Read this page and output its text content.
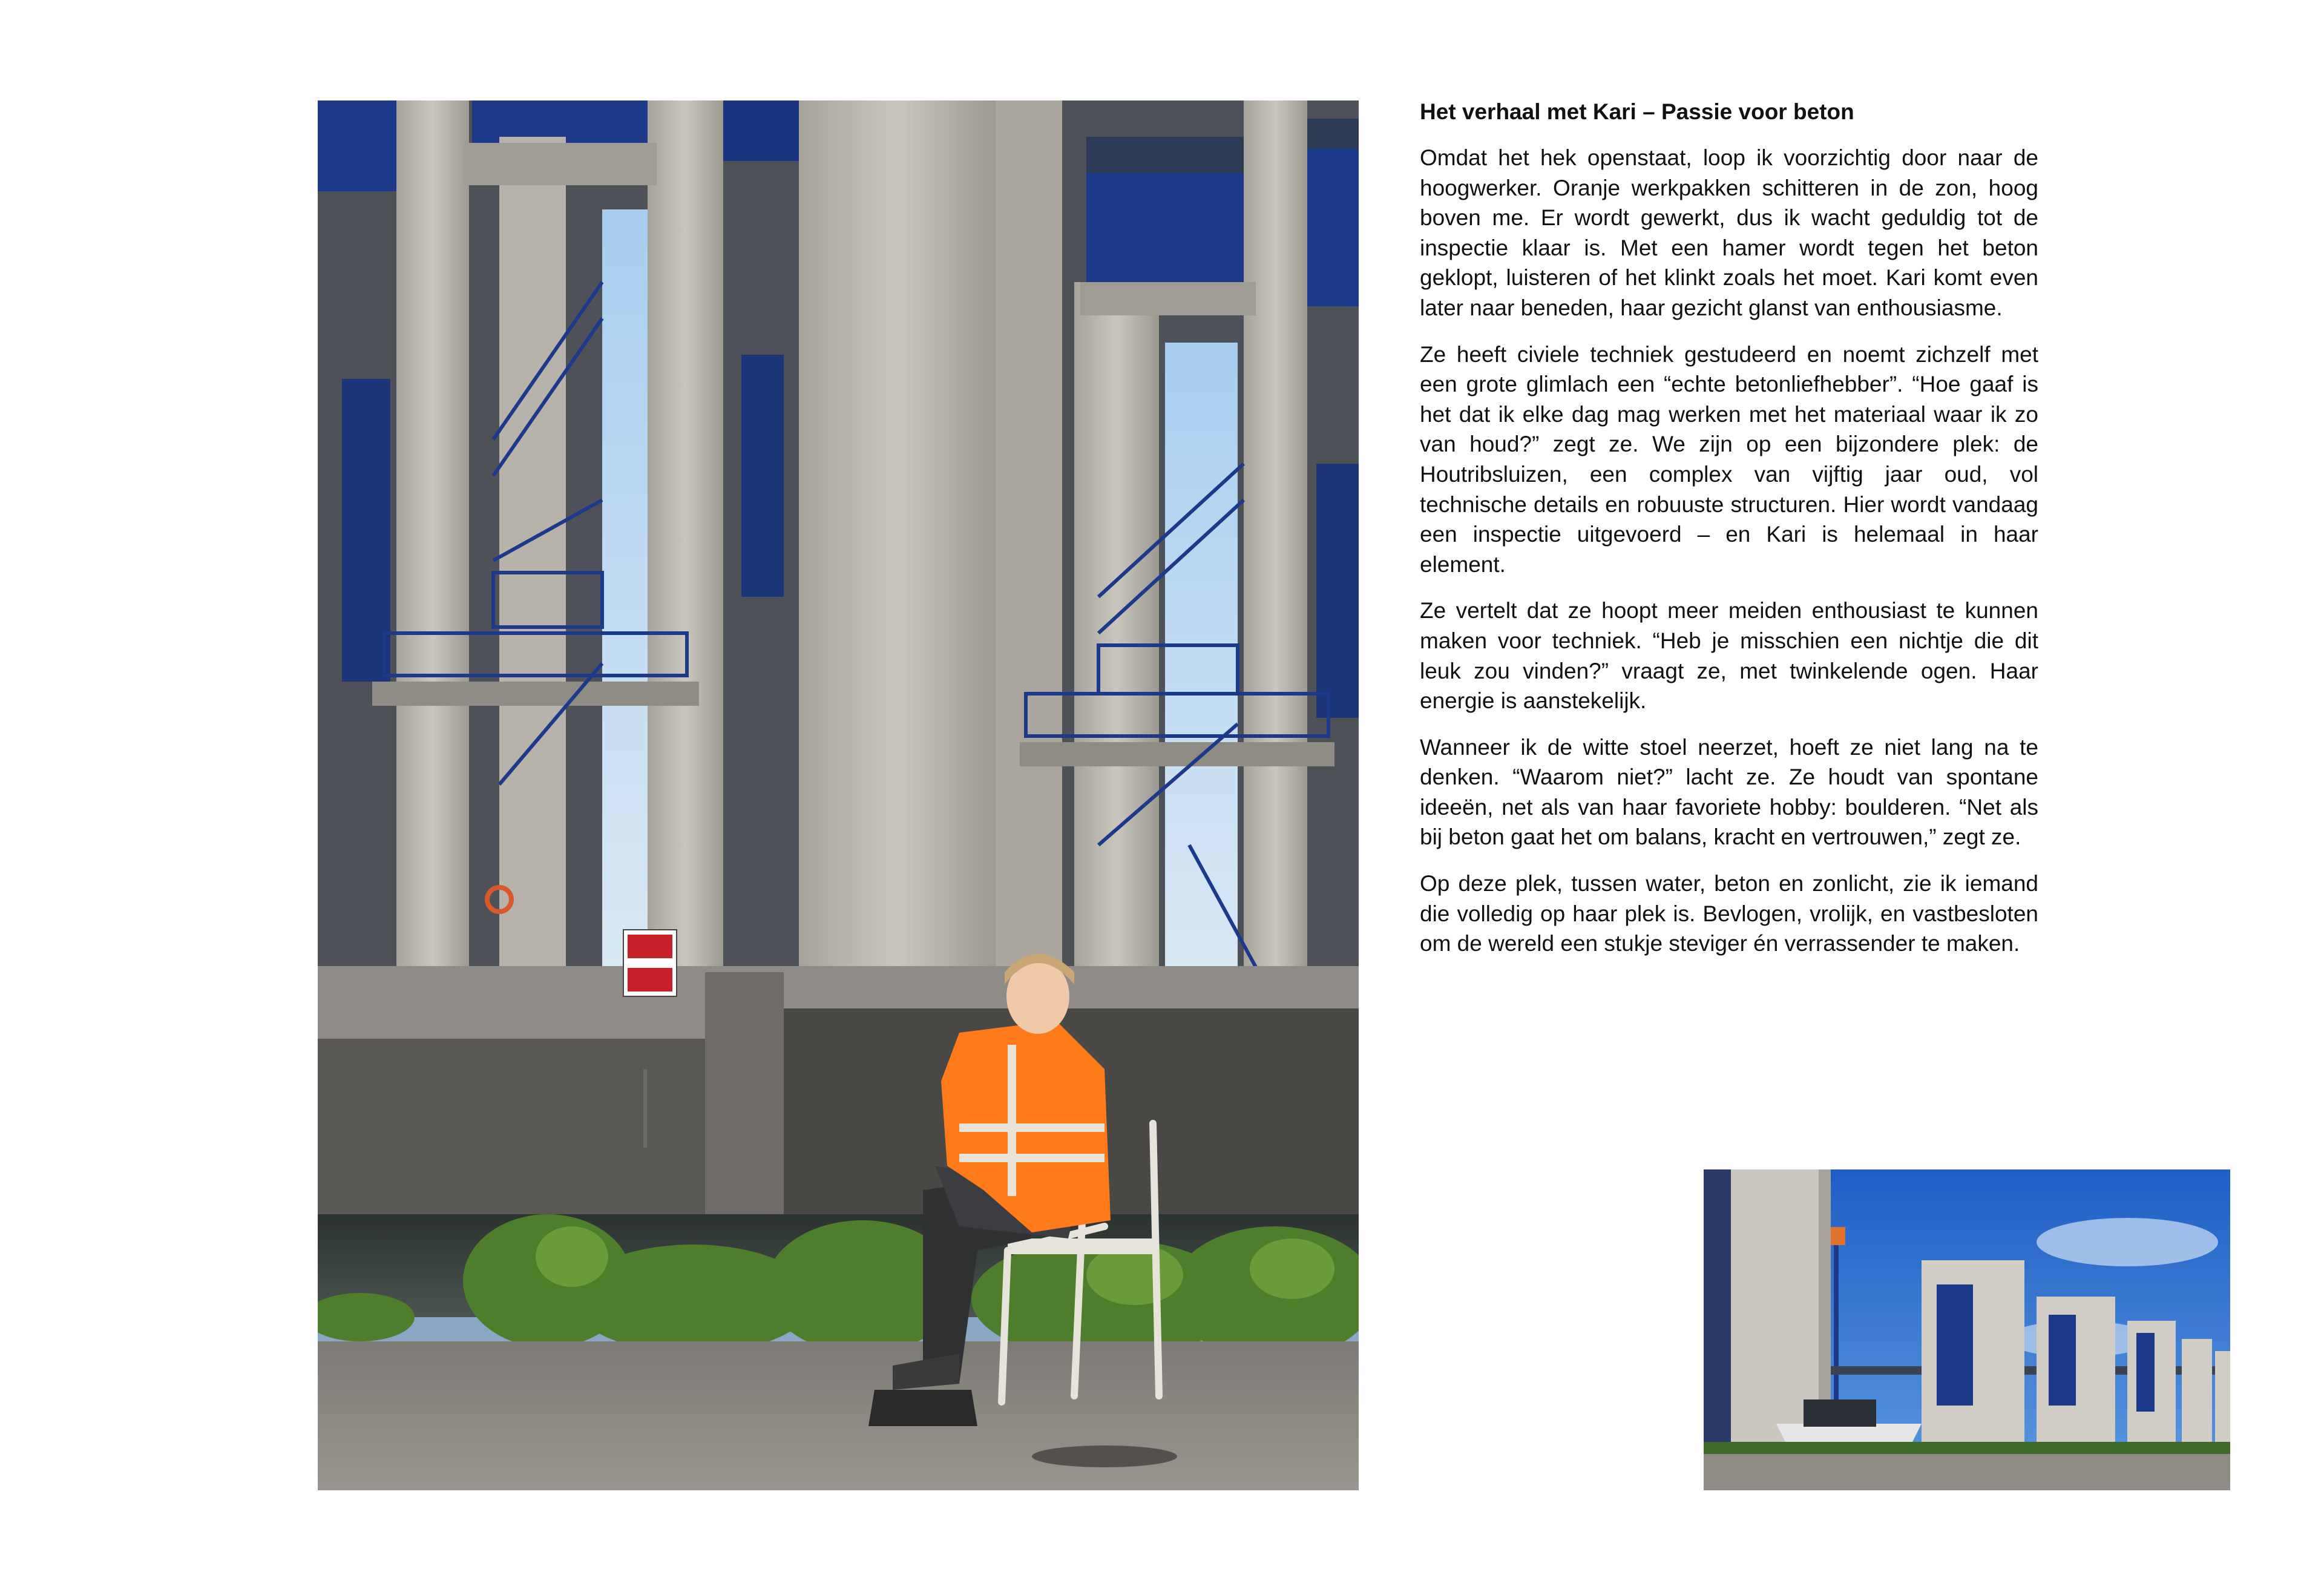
Het verhaal met Kari – Passie voor beton

Omdat het hek openstaat, loop ik voorzichtig door naar de hoogwerker. Oranje werkpakken schitteren in de zon, hoog boven me. Er wordt gewerkt, dus ik wacht geduldig tot de inspectie klaar is. Met een hamer wordt tegen het beton geklopt, luisteren of het klinkt zoals het moet. Kari komt even later naar beneden, haar gezicht glanst van enthousiasme.

Ze heeft civiele techniek gestudeerd en noemt zichzelf met een grote glimlach een “echte betonliefhebber”. “Hoe gaaf is het dat ik elke dag mag werken met het materiaal waar ik zo van houd?” zegt ze. We zijn op een bijzondere plek: de Houtribsluizen, een complex van vijftig jaar oud, vol technische details en robuuste structuren. Hier wordt vandaag een inspectie uitgevoerd – en Kari is helemaal in haar element.

Ze vertelt dat ze hoopt meer meiden enthousiast te kunnen maken voor techniek. “Heb je misschien een nichtje die dit leuk zou vinden?” vraagt ze, met twinkelende ogen. Haar energie is aanstekelijk.

Wanneer ik de witte stoel neerzet, hoeft ze niet lang na te denken. “Waarom niet?” lacht ze. Ze houdt van spontane ideeën, net als van haar favoriete hobby: boulderen. “Net als bij beton gaat het om balans, kracht en vertrouwen,” zegt ze.

Op deze plek, tussen water, beton en zonlicht, zie ik iemand die volledig op haar plek is. Bevlogen, vrolijk, en vastbesloten om de wereld een stukje steviger én verrassender te maken.
